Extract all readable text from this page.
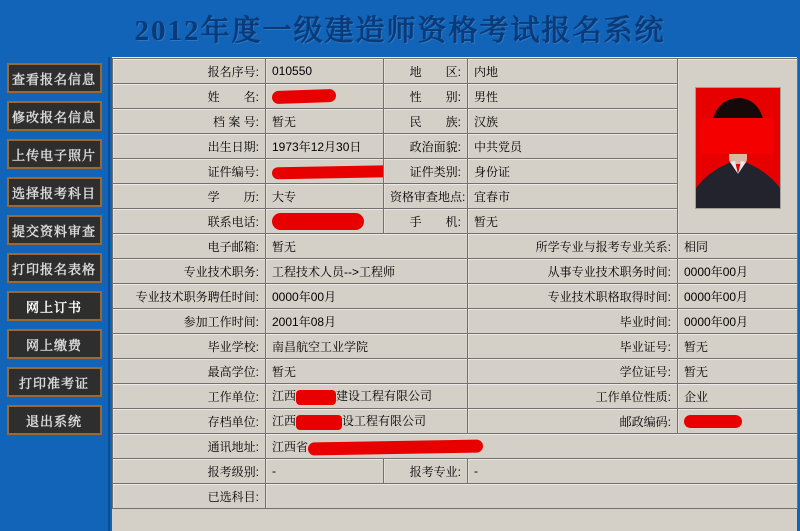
2012年度一级建造师资格考试报名系统
查看报名信息
修改报名信息
上传电子照片
选择报考科目
提交资料审查
打印报名表格
网上订书
网上缴费
打印准考证
退出系统
报名序号:	010550	地　　区:	内地	
姓　　名:		性　　别:	男性	
档 案 号:	暂无	民　　族:	汉族	
出生日期:	1973年12月30日	政治面貌:	中共党员	
证件编号:		证件类别:	身份证	
学　　历:	大专	资格审查地点:	宜春市	
联系电话:		手　　机:	暂无	
电子邮箱:	暂无		所学专业与报考专业关系:	相同
专业技术职务:	工程技术人员-->工程师		从事专业技术职务时间:	0000年00月
专业技术职务聘任时间:	0000年00月		专业技术职格取得时间:	0000年00月
参加工作时间:	2001年08月		毕业时间:	0000年00月
毕业学校:	南昌航空工业学院		毕业证号:	暂无
最高学位:	暂无		学位证号:	暂无
工作单位:	江西 建设工程有限公司		工作单位性质:	企业
存档单位:	江西 设工程有限公司		邮政编码:	
通讯地址:	江西省			
报考级别:	-	报考专业:	-	
已选科目:				
